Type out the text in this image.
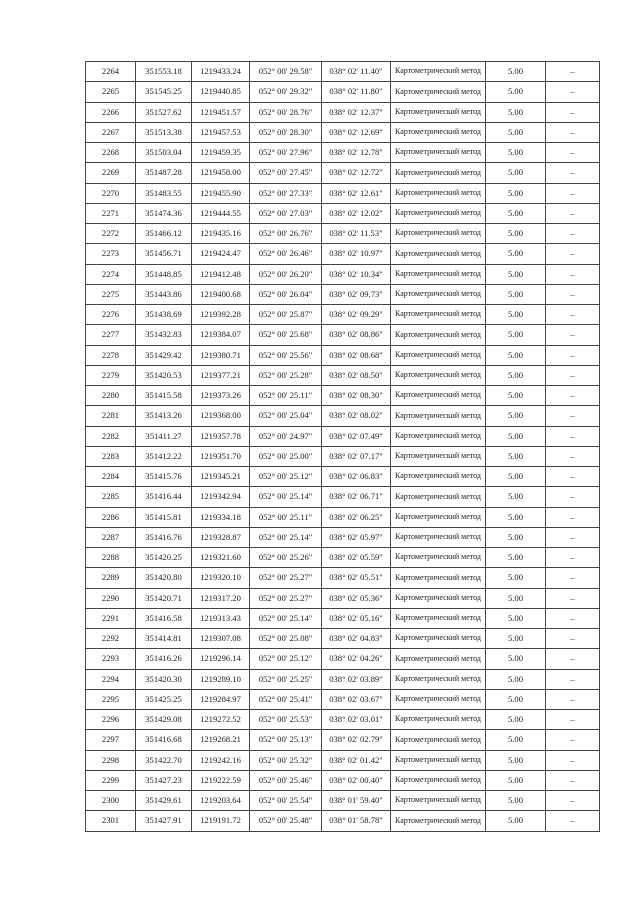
2264	351553.18	1219433.24	052° 00' 29.58"	038° 02' 11.40"	Картометрический метод	5.00	–
2265	351545.25	1219440.85	052° 00' 29.32"	038° 02' 11.80"	Картометрический метод	5.00	–
2266	351527.62	1219451.57	052° 00' 28.76"	038° 02' 12.37"	Картометрический метод	5.00	–
2267	351513.38	1219457.53	052° 00' 28.30"	038° 02' 12.69"	Картометрический метод	5.00	–
2268	351503.04	1219459.35	052° 00' 27.96"	038° 02' 12.78"	Картометрический метод	5.00	–
2269	351487.28	1219458.00	052° 00' 27.45"	038° 02' 12.72"	Картометрический метод	5.00	–
2270	351483.55	1219455.90	052° 00' 27.33"	038° 02' 12.61"	Картометрический метод	5.00	–
2271	351474.36	1219444.55	052° 00' 27.03"	038° 02' 12.02"	Картометрический метод	5.00	–
2272	351466.12	1219435.16	052° 00' 26.76"	038° 02' 11.53"	Картометрический метод	5.00	–
2273	351456.71	1219424.47	052° 00' 26.46"	038° 02' 10.97"	Картометрический метод	5.00	–
2274	351448.85	1219412.48	052° 00' 26.20"	038° 02' 10.34"	Картометрический метод	5.00	–
2275	351443.86	1219400.68	052° 00' 26.04"	038° 02' 09.73"	Картометрический метод	5.00	–
2276	351438.69	1219392.28	052° 00' 25.87"	038° 02' 09.29"	Картометрический метод	5.00	–
2277	351432.83	1219384.07	052° 00' 25.68"	038° 02' 08.86"	Картометрический метод	5.00	–
2278	351429.42	1219380.71	052° 00' 25.56"	038° 02' 08.68"	Картометрический метод	5.00	–
2279	351420.53	1219377.21	052° 00' 25.28"	038° 02' 08.50"	Картометрический метод	5.00	–
2280	351415.58	1219373.26	052° 00' 25.11"	038° 02' 08.30"	Картометрический метод	5.00	–
2281	351413.26	1219368.00	052° 00' 25.04"	038° 02' 08.02"	Картометрический метод	5.00	–
2282	351411.27	1219357.78	052° 00' 24.97"	038° 02' 07.49"	Картометрический метод	5.00	–
2283	351412.22	1219351.70	052° 00' 25.00"	038° 02' 07.17"	Картометрический метод	5.00	–
2284	351415.76	1219345.21	052° 00' 25.12"	038° 02' 06.83"	Картометрический метод	5.00	–
2285	351416.44	1219342.94	052° 00' 25.14"	038° 02' 06.71"	Картометрический метод	5.00	–
2286	351415.81	1219334.18	052° 00' 25.11"	038° 02' 06.25"	Картометрический метод	5.00	–
2287	351416.76	1219328.87	052° 00' 25.14"	038° 02' 05.97"	Картометрический метод	5.00	–
2288	351420.25	1219321.60	052° 00' 25.26"	038° 02' 05.59"	Картометрический метод	5.00	–
2289	351420.80	1219320.10	052° 00' 25.27"	038° 02' 05.51"	Картометрический метод	5.00	–
2290	351420.71	1219317.20	052° 00' 25.27"	038° 02' 05.36"	Картометрический метод	5.00	–
2291	351416.58	1219313.43	052° 00' 25.14"	038° 02' 05.16"	Картометрический метод	5.00	–
2292	351414.81	1219307.08	052° 00' 25.08"	038° 02' 04.83"	Картометрический метод	5.00	–
2293	351416.26	1219296.14	052° 00' 25.12"	038° 02' 04.26"	Картометрический метод	5.00	–
2294	351420.30	1219289.10	052° 00' 25.25"	038° 02' 03.89"	Картометрический метод	5.00	–
2295	351425.25	1219284.97	052° 00' 25.41"	038° 02' 03.67"	Картометрический метод	5.00	–
2296	351429.08	1219272.52	052° 00' 25.53"	038° 02' 03.01"	Картометрический метод	5.00	–
2297	351416.68	1219268.21	052° 00' 25.13"	038° 02' 02.79"	Картометрический метод	5.00	–
2298	351422.70	1219242.16	052° 00' 25.32"	038° 02' 01.42"	Картометрический метод	5.00	–
2299	351427.23	1219222.59	052° 00' 25.46"	038° 02' 00.40"	Картометрический метод	5.00	–
2300	351429.61	1219203.64	052° 00' 25.54"	038° 01' 59.40"	Картометрический метод	5.00	–
2301	351427.91	1219191.72	052° 00' 25.48"	038° 01' 58.78"	Картометрический метод	5.00	–
